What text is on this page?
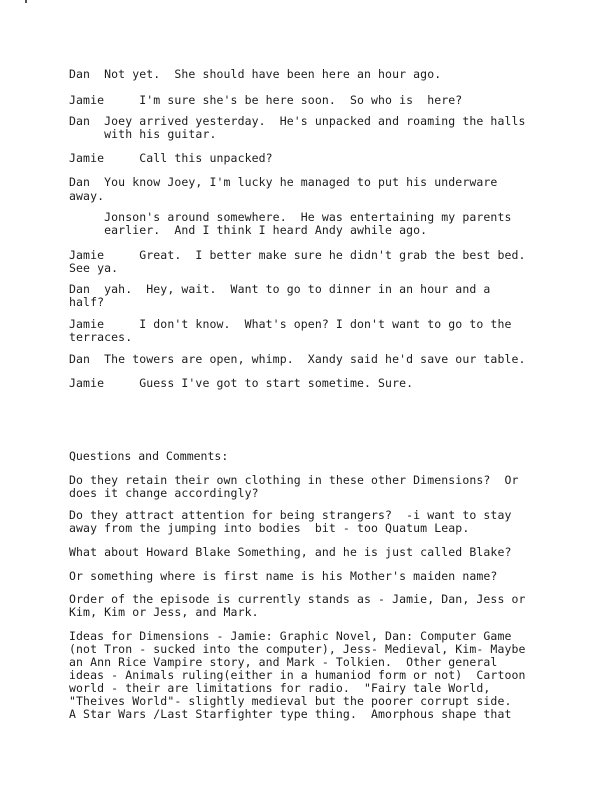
Dan  Not yet.  She should have been here an hour ago.
Jamie     I'm sure she's be here soon.  So who is  here?
Dan  Joey arrived yesterday.  He's unpacked and roaming the halls
with his guitar.
Jamie     Call this unpacked?
Dan  You know Joey, I'm lucky he managed to put his underware
away.
Jonson's around somewhere.  He was entertaining my parents
earlier.  And I think I heard Andy awhile ago.
Jamie     Great.  I better make sure he didn't grab the best bed.
See ya.
Dan  yah.  Hey, wait.  Want to go to dinner in an hour and a
half?
Jamie     I don't know.  What's open? I don't want to go to the
terraces.
Dan  The towers are open, whimp.  Xandy said he'd save our table.
Jamie     Guess I've got to start sometime. Sure.
Questions and Comments:
Do they retain their own clothing in these other Dimensions?  Or
does it change accordingly?
Do they attract attention for being strangers?  -i want to stay
away from the jumping into bodies  bit - too Quatum Leap.
What about Howard Blake Something, and he is just called Blake?
Or something where is first name is his Mother's maiden name?
Order of the episode is currently stands as - Jamie, Dan, Jess or
Kim, Kim or Jess, and Mark.
Ideas for Dimensions - Jamie: Graphic Novel, Dan: Computer Game
(not Tron - sucked into the computer), Jess- Medieval, Kim- Maybe
an Ann Rice Vampire story, and Mark - Tolkien.  Other general
ideas - Animals ruling(either in a humaniod form or not)  Cartoon
world - their are limitations for radio.  "Fairy tale World,
"Theives World"- slightly medieval but the poorer corrupt side.
A Star Wars /Last Starfighter type thing.  Amorphous shape that
